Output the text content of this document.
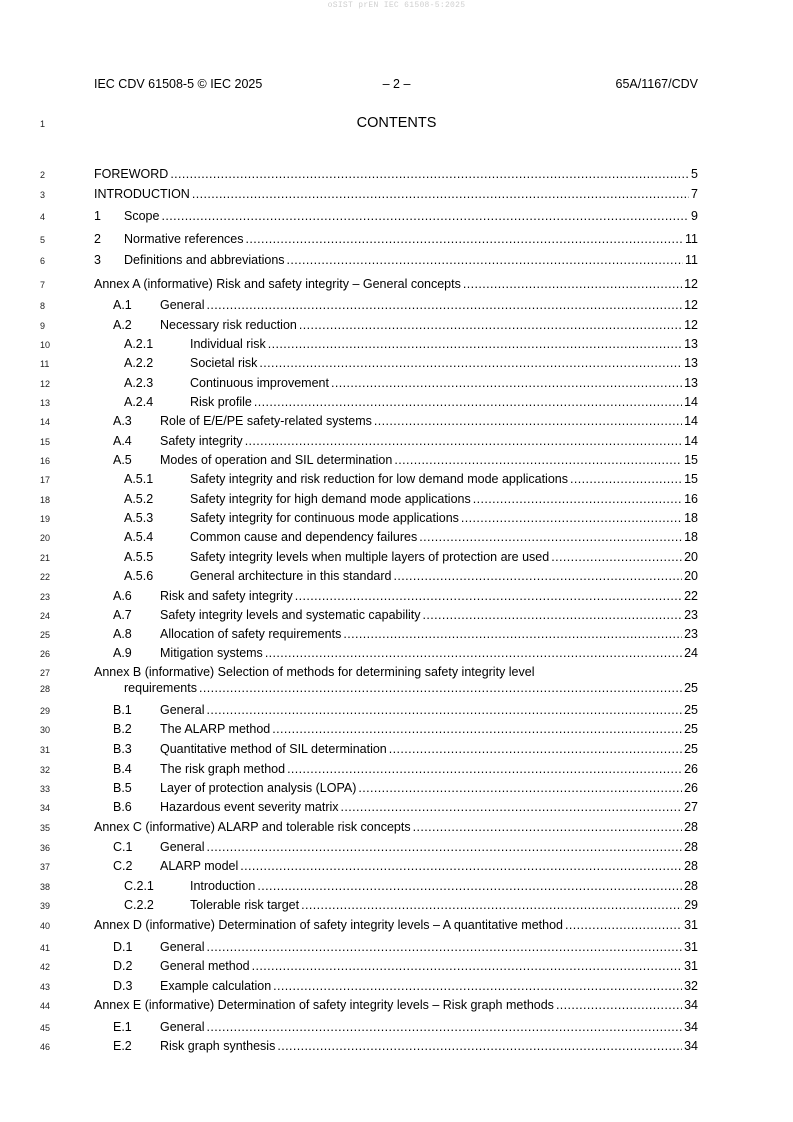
oSIST prEN IEC 61508-5:2025
IEC CDV 61508-5 © IEC 2025	– 2 –	65A/1167/CDV
1	CONTENTS
2	FOREWORD .....	5
3	INTRODUCTION .....	7
4	1 Scope .....	9
5	2 Normative references .....	11
6	3 Definitions and abbreviations .....	11
7	Annex A (informative) Risk and safety integrity – General concepts .....	12
8	A.1 General .....	12
9	A.2 Necessary risk reduction .....	12
10	A.2.1	Individual risk .....	13
11	A.2.2	Societal risk .....	13
12	A.2.3	Continuous improvement .....	13
13	A.2.4	Risk profile .....	14
14	A.3 Role of E/E/PE safety-related systems .....	14
15	A.4 Safety integrity .....	14
16	A.5 Modes of operation and SIL determination .....	15
17	A.5.1	Safety integrity and risk reduction for low demand mode applications .....	15
18	A.5.2	Safety integrity for high demand mode applications .....	16
19	A.5.3	Safety integrity for continuous mode applications .....	18
20	A.5.4	Common cause and dependency failures .....	18
21	A.5.5	Safety integrity levels when multiple layers of protection are used .....	20
22	A.5.6	General architecture in this standard .....	20
23	A.6 Risk and safety integrity .....	22
24	A.7 Safety integrity levels and systematic capability .....	23
25	A.8 Allocation of safety requirements .....	23
26	A.9 Mitigation systems .....	24
27
28
Annex B (informative) Selection of methods for determining safety integrity level
requirements .....	25
29	B.1 General .....	25
30	B.2 The ALARP method .....	25
31	B.3 Quantitative method of SIL determination .....	25
32	B.4 The risk graph method .....	26
33	B.5 Layer of protection analysis (LOPA) .....	26
34	B.6 Hazardous event severity matrix .....	27
35	Annex C (informative) ALARP and tolerable risk concepts .....	28
36	C.1 General .....	28
37	C.2 ALARP model .....	28
38	C.2.1	Introduction .....	28
39	C.2.2	Tolerable risk target .....	29
40	Annex D (informative) Determination of safety integrity levels – A quantitative method .....	31
41	D.1 General .....	31
42	D.2 General method .....	31
43	D.3 Example calculation .....	32
44	Annex E (informative) Determination of safety integrity levels – Risk graph methods .....	34
45	E.1 General .....	34
46	E.2 Risk graph synthesis .....	34
